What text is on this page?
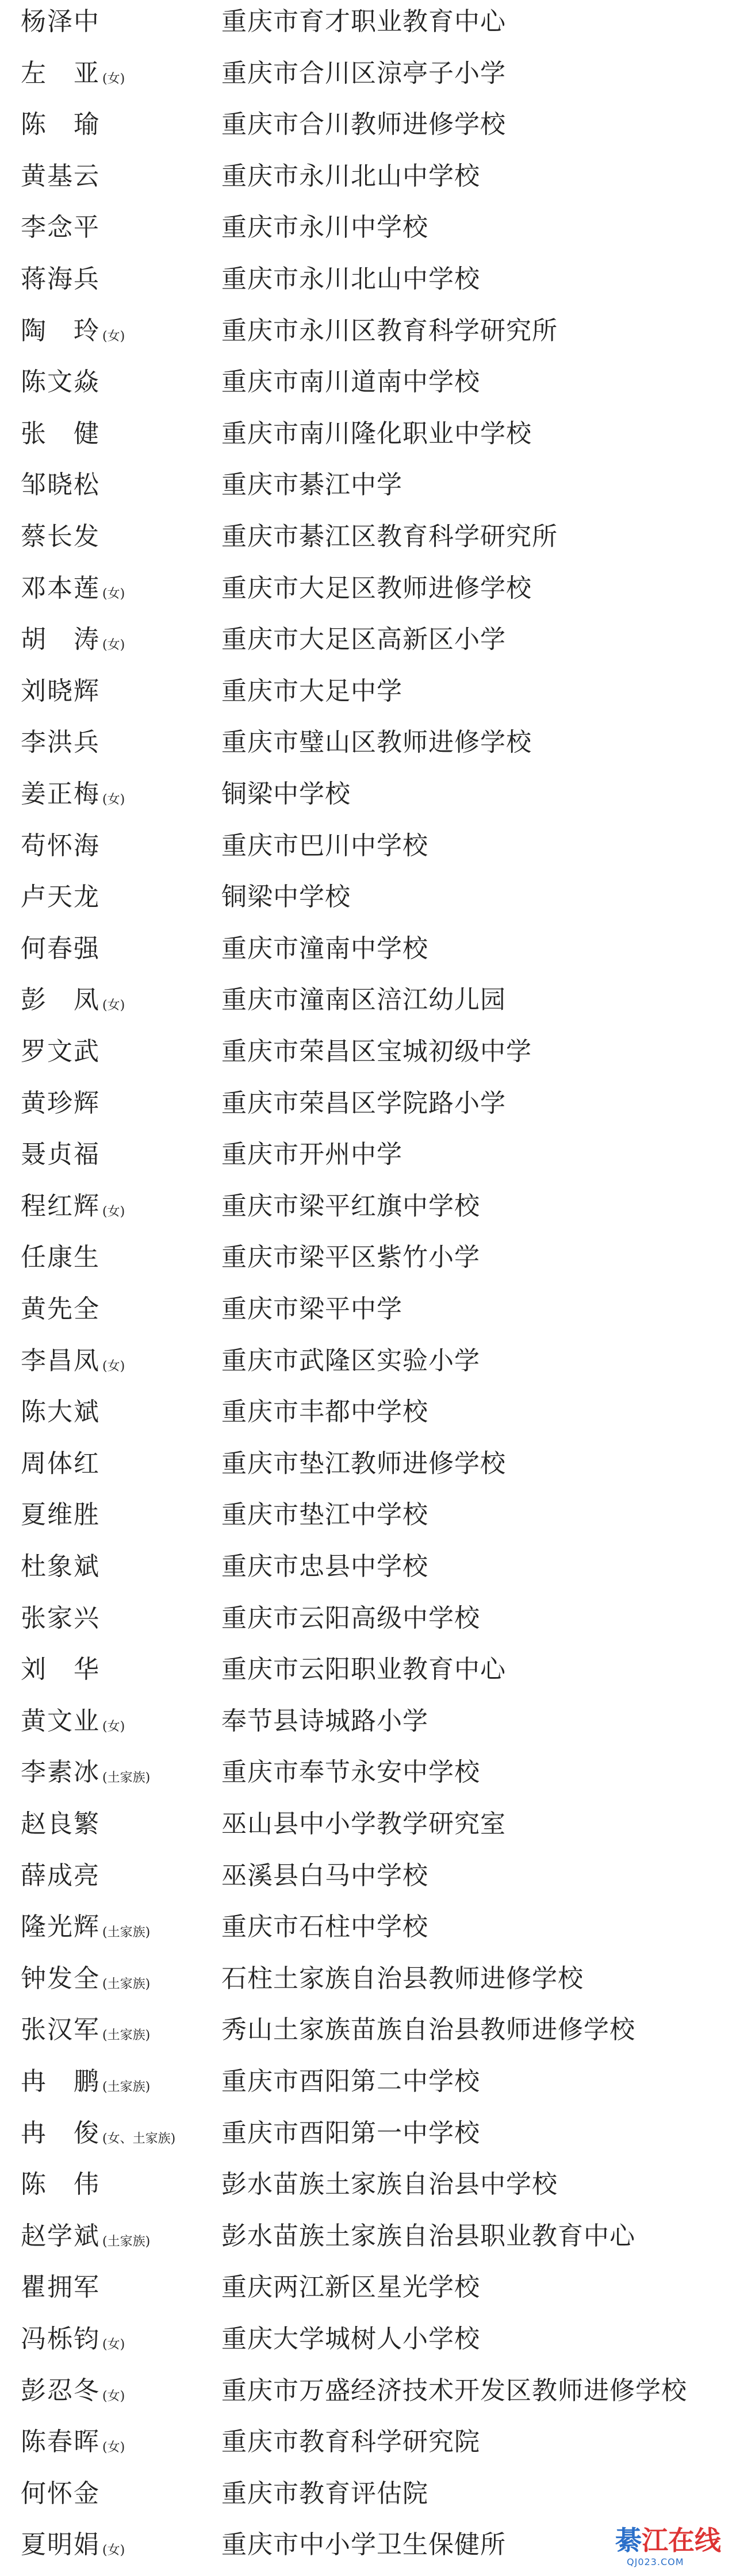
杨泽中	重庆市育才职业教育中心
左　亚 (女)	重庆市合川区涼亭子小学
陈　瑜	重庆市合川教师进修学校
黄基云	重庆市永川北山中学校
李念平	重庆市永川中学校
蒋海兵	重庆市永川北山中学校
陶　玲 (女)	重庆市永川区教育科学研究所
陈文焱	重庆市南川道南中学校
张　健	重庆市南川隆化职业中学校
邹晓松	重庆市綦江中学
蔡长发	重庆市綦江区教育科学研究所
邓本莲 (女)	重庆市大足区教师进修学校
胡　涛 (女)	重庆市大足区高新区小学
刘晓辉	重庆市大足中学
李洪兵	重庆市璧山区教师进修学校
姜正梅 (女)	铜梁中学校
苟怀海	重庆市巴川中学校
卢天龙	铜梁中学校
何春强	重庆市潼南中学校
彭　凤 (女)	重庆市潼南区涪江幼儿园
罗文武	重庆市荣昌区宝城初级中学
黄珍辉	重庆市荣昌区学院路小学
聂贞福	重庆市开州中学
程红辉 (女)	重庆市梁平红旗中学校
任康生	重庆市梁平区紫竹小学
黄先全	重庆市梁平中学
李昌凤 (女)	重庆市武隆区实验小学
陈大斌	重庆市丰都中学校
周体红	重庆市垫江教师进修学校
夏维胜	重庆市垫江中学校
杜象斌	重庆市忠县中学校
张家兴	重庆市云阳高级中学校
刘　华	重庆市云阳职业教育中心
黄文业 (女)	奉节县诗城路小学
李素冰 (土家族)	重庆市奉节永安中学校
赵良繁	巫山县中小学教学研究室
薛成亮	巫溪县白马中学校
隆光辉 (土家族)	重庆市石柱中学校
钟发全 (土家族)	石柱土家族自治县教师进修学校
张汉军 (土家族)	秀山土家族苗族自治县教师进修学校
冉　鹏 (土家族)	重庆市酉阳第二中学校
冉　俊 (女、土家族) 重庆市酉阳第一中学校
陈　伟	彭水苗族土家族自治县中学校
赵学斌 (土家族)	彭水苗族土家族自治县职业教育中心
瞿拥军	重庆两江新区星光学校
冯栎钧 (女)	重庆大学城树人小学校
彭忍冬 (女)	重庆市万盛经济技术开发区教师进修学校
陈春晖 (女)	重庆市教育科学研究院
何怀金	重庆市教育评估院
夏明娟 (女)	重庆市中小学卫生保健所	綦江在线
QJ023.COM
